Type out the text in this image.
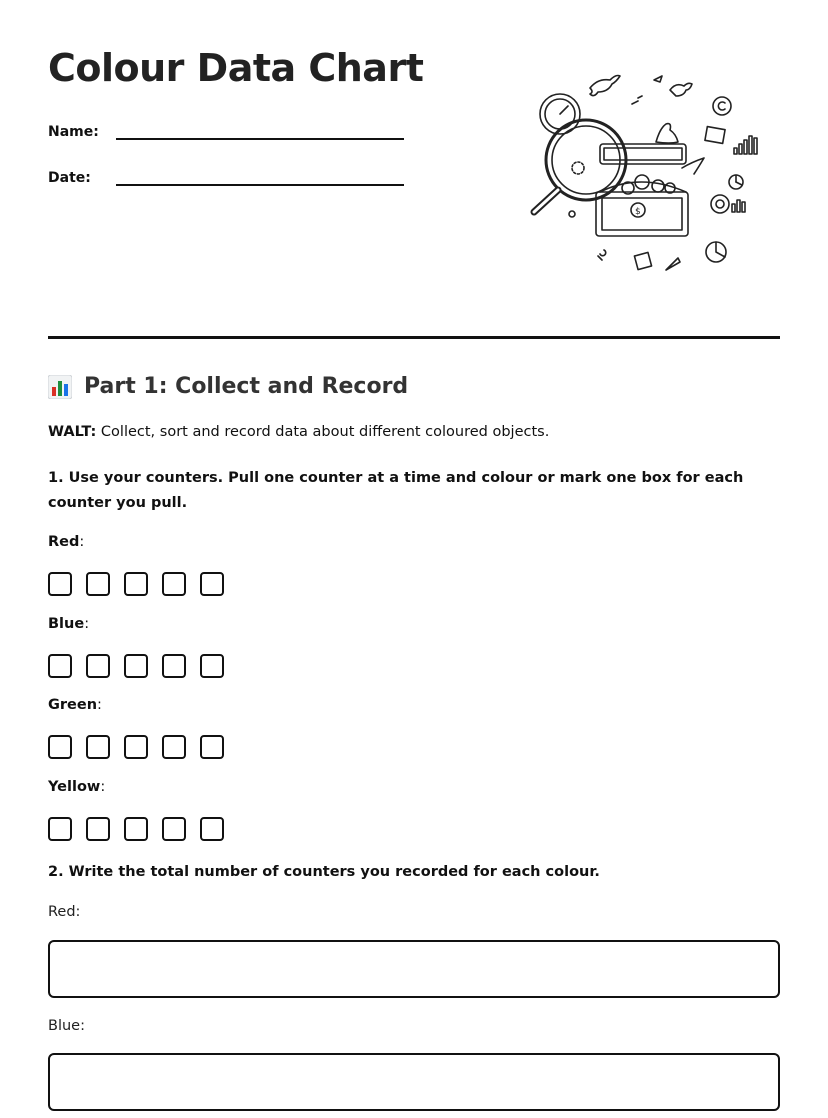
Colour Data Chart
Name:
Date:
$
Part 1: Collect and Record
WALT: Collect, sort and record data about different coloured objects.
1. Use your counters. Pull one counter at a time and colour or mark one box for each counter you pull.
Red:
Blue:
Green:
Yellow:
2. Write the total number of counters you recorded for each colour.
Red:
Blue:
